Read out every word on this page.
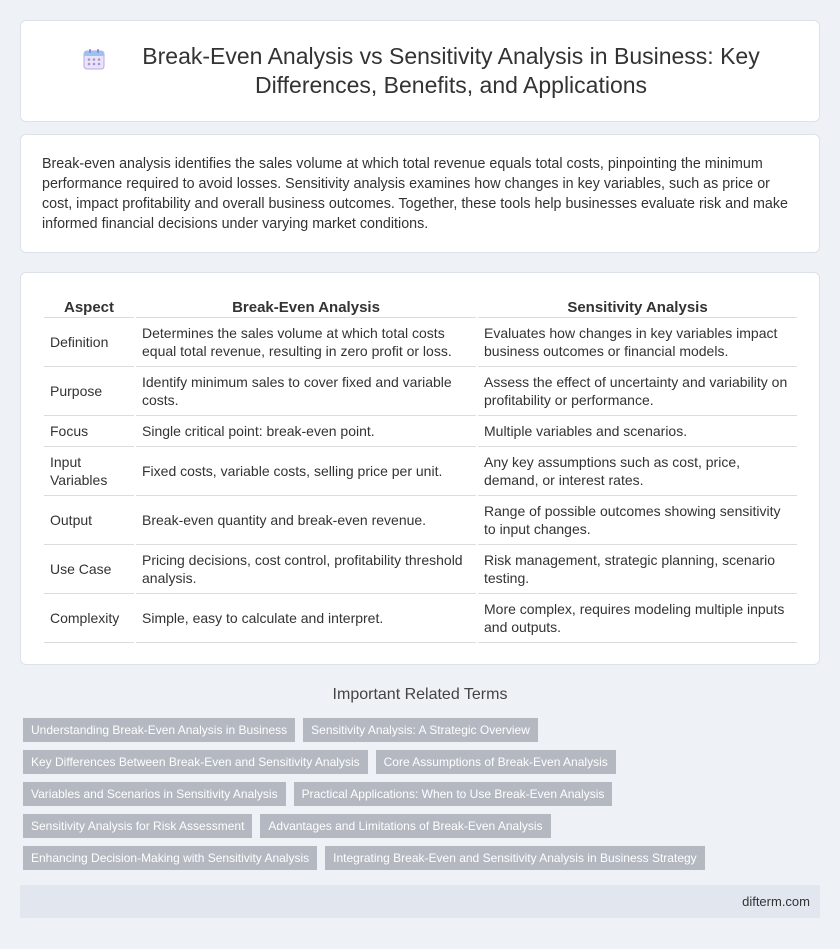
Break-Even Analysis vs Sensitivity Analysis in Business: Key Differences, Benefits, and Applications

Break-even analysis identifies the sales volume at which total revenue equals total costs, pinpointing the minimum performance required to avoid losses. Sensitivity analysis examines how changes in key variables, such as price or cost, impact profitability and overall business outcomes. Together, these tools help businesses evaluate risk and make informed financial decisions under varying market conditions.

Aspect	Break-Even Analysis	Sensitivity Analysis
Definition	Determines the sales volume at which total costs equal total revenue, resulting in zero profit or loss.	Evaluates how changes in key variables impact business outcomes or financial models.
Purpose	Identify minimum sales to cover fixed and variable costs.	Assess the effect of uncertainty and variability on profitability or performance.
Focus	Single critical point: break-even point.	Multiple variables and scenarios.
Input Variables	Fixed costs, variable costs, selling price per unit.	Any key assumptions such as cost, price, demand, or interest rates.
Output	Break-even quantity and break-even revenue.	Range of possible outcomes showing sensitivity to input changes.
Use Case	Pricing decisions, cost control, profitability threshold analysis.	Risk management, strategic planning, scenario testing.
Complexity	Simple, easy to calculate and interpret.	More complex, requires modeling multiple inputs and outputs.
Important Related Terms
Understanding Break-Even Analysis in Business	Sensitivity Analysis: A Strategic Overview
Key Differences Between Break-Even and Sensitivity Analysis	Core Assumptions of Break-Even Analysis
Variables and Scenarios in Sensitivity Analysis	Practical Applications: When to Use Break-Even Analysis
Sensitivity Analysis for Risk Assessment	Advantages and Limitations of Break-Even Analysis
Enhancing Decision-Making with Sensitivity Analysis	Integrating Break-Even and Sensitivity Analysis in Business Strategy
difterm.com
